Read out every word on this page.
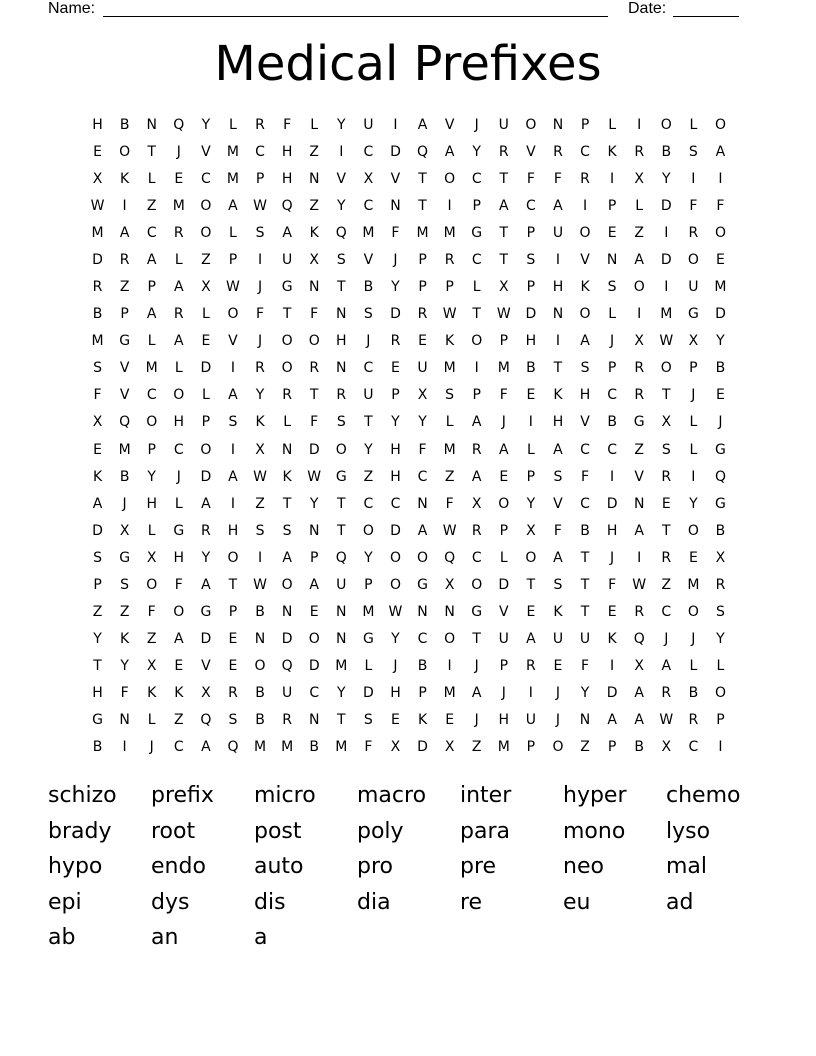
Name:	Date:
Medical Prefixes
H	B	N	Q	Y	L	R	F	L	Y	U	I	A	V	J	U	O	N	P	L	I	O	L	O
E	O	T	J	V	M	C	H	Z	I	C	D	Q	A	Y	R	V	R	C	K	R	B	S	A
X	K	L	E	C	M	P	H	N	V	X	V	T	O	C	T	F	F	R	I	X	Y	I	I
W	I	Z	M	O	A	W	Q	Z	Y	C	N	T	I	P	A	C	A	I	P	L	D	F	F
M	A	C	R	O	L	S	A	K	Q	M	F	M	M	G	T	P	U	O	E	Z	I	R	O
D	R	A	L	Z	P	I	U	X	S	V	J	P	R	C	T	S	I	V	N	A	D	O	E
R	Z	P	A	X	W	J	G	N	T	B	Y	P	P	L	X	P	H	K	S	O	I	U	M
B	P	A	R	L	O	F	T	F	N	S	D	R	W	T	W	D	N	O	L	I	M	G	D
M	G	L	A	E	V	J	O	O	H	J	R	E	K	O	P	H	I	A	J	X	W	X	Y
S	V	M	L	D	I	R	O	R	N	C	E	U	M	I	M	B	T	S	P	R	O	P	B
F	V	C	O	L	A	Y	R	T	R	U	P	X	S	P	F	E	K	H	C	R	T	J	E
X	Q	O	H	P	S	K	L	F	S	T	Y	Y	L	A	J	I	H	V	B	G	X	L	J
E	M	P	C	O	I	X	N	D	O	Y	H	F	M	R	A	L	A	C	C	Z	S	L	G
K	B	Y	J	D	A	W	K	W	G	Z	H	C	Z	A	E	P	S	F	I	V	R	I	Q
A	J	H	L	A	I	Z	T	Y	T	C	C	N	F	X	O	Y	V	C	D	N	E	Y	G
D	X	L	G	R	H	S	S	N	T	O	D	A	W	R	P	X	F	B	H	A	T	O	B
S	G	X	H	Y	O	I	A	P	Q	Y	O	O	Q	C	L	O	A	T	J	I	R	E	X
P	S	O	F	A	T	W	O	A	U	P	O	G	X	O	D	T	S	T	F	W	Z	M	R
Z	Z	F	O	G	P	B	N	E	N	M	W	N	N	G	V	E	K	T	E	R	C	O	S
Y	K	Z	A	D	E	N	D	O	N	G	Y	C	O	T	U	A	U	U	K	Q	J	J	Y
T	Y	X	E	V	E	O	Q	D	M	L	J	B	I	J	P	R	E	F	I	X	A	L	L
H	F	K	K	X	R	B	U	C	Y	D	H	P	M	A	J	I	J	Y	D	A	R	B	O
G	N	L	Z	Q	S	B	R	N	T	S	E	K	E	J	H	U	J	N	A	A	W	R	P
B	I	J	C	A	Q	M	M	B	M	F	X	D	X	Z	M	P	O	Z	P	B	X	C	I
schizo	prefix	micro	macro	inter	hyper	chemo
brady	root	post	poly	para	mono	lyso
hypo	endo	auto	pro	pre	neo	mal
epi	dys	dis	dia	re	eu	ad
ab	an	a
